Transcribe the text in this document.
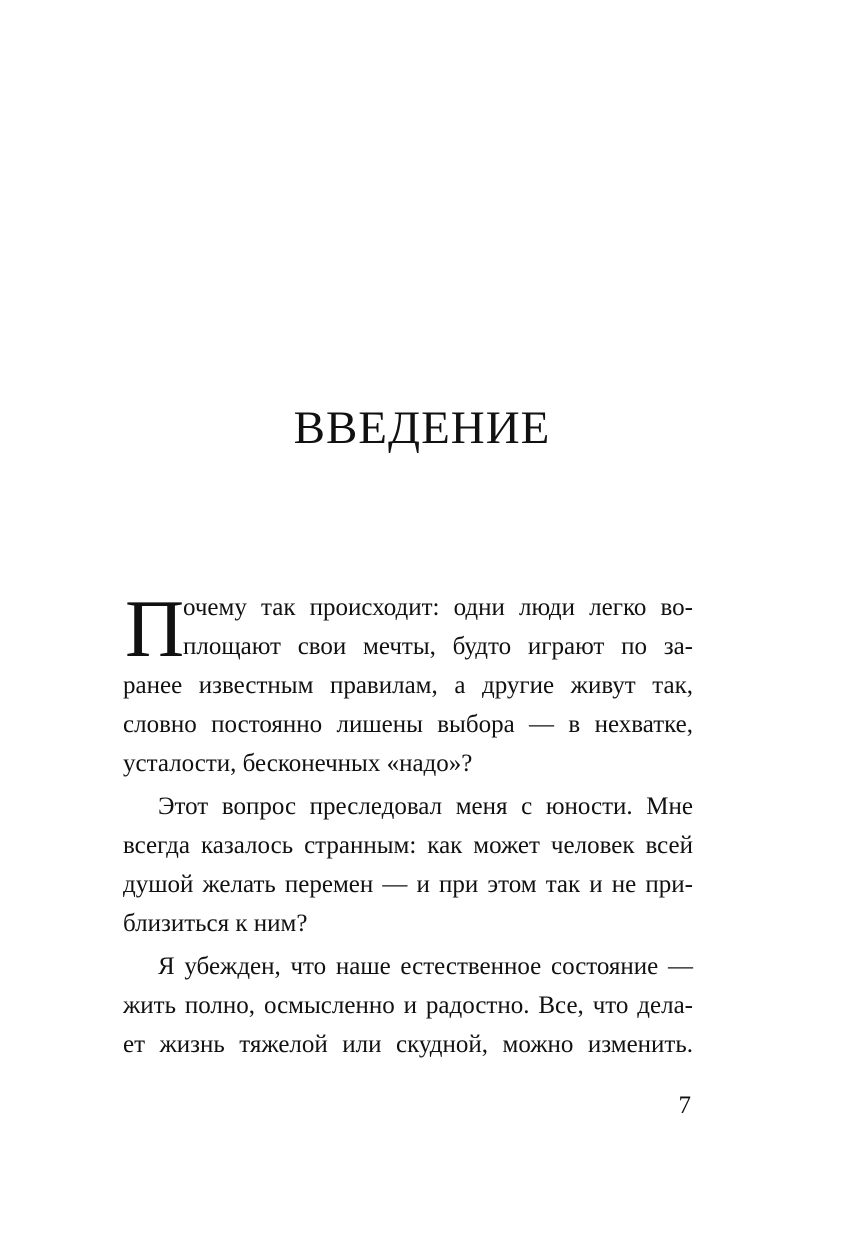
ВВЕДЕНИЕ
П
очему так происходит: одни люди легко во-
площают свои мечты, будто играют по за-
ранее известным правилам, а другие живут так,
словно постоянно лишены выбора — в нехватке,
усталости, бесконечных «надо»?
Этот вопрос преследовал меня с юности. Мне
всегда казалось странным: как может человек всей
душой желать перемен — и при этом так и не при-
близиться к ним?
Я убежден, что наше естественное состояние —
жить полно, осмысленно и радостно. Все, что дела-
ет жизнь тяжелой или скудной, можно изменить.
7
